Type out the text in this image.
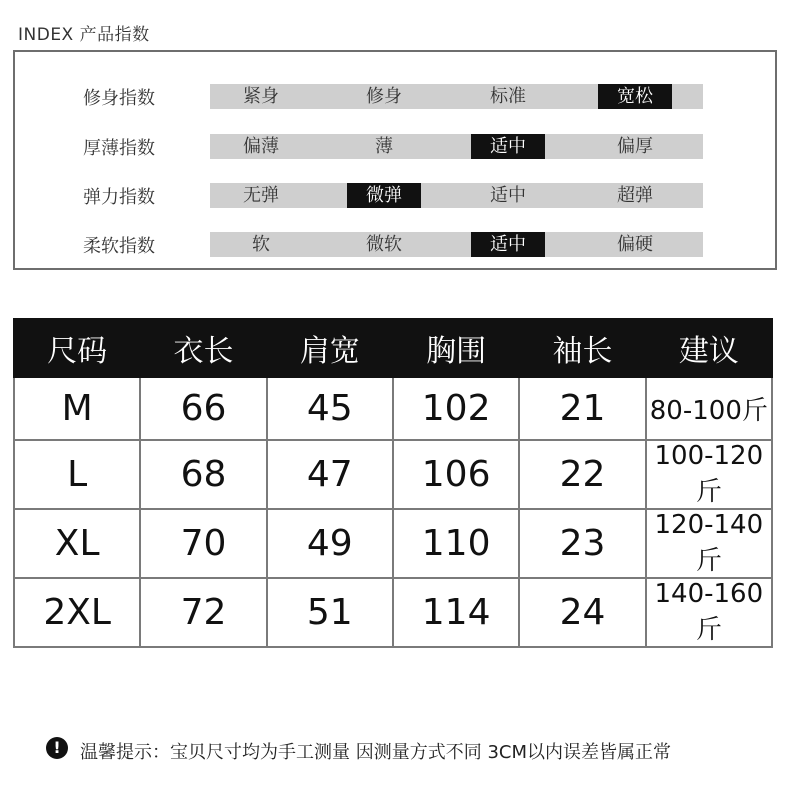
INDEX 产品指数
修身指数	紧身	修身	标准	宽松
厚薄指数	偏薄	薄	适中	偏厚
弹力指数	无弹	微弹	适中	超弹
柔软指数	软	微软	适中	偏硬
尺码	衣长	肩宽	胸围	袖长	建议
M	66	45	102	21	80-100斤
L	68	47	106	22	100-120斤
XL	70	49	110	23	120-140斤
2XL	72	51	114	24	140-160斤
!	温馨提示：宝贝尺寸均为手工测量 因测量方式不同 3CM以内误差皆属正常
